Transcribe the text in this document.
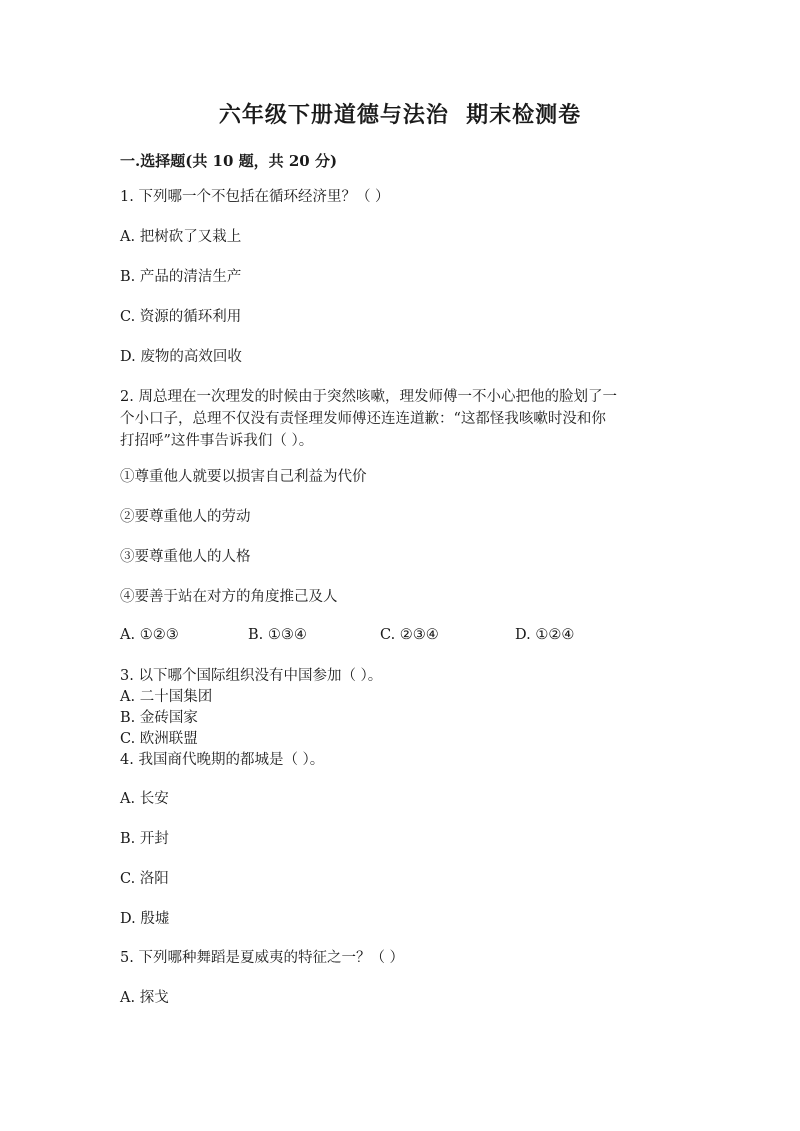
六年级下册道德与法治  期末检测卷
一.选择题(共 10 题，共 20 分)
1. 下列哪一个不包括在循环经济里？（ ）
A. 把树砍了又栽上
B. 产品的清洁生产
C. 资源的循环利用
D. 废物的高效回收
2. 周总理在一次理发的时候由于突然咳嗽，理发师傅一不小心把他的脸划了一
个小口子，总理不仅没有责怪理发师傅还连连道歉：“这都怪我咳嗽时没和你
打招呼”这件事告诉我们（ ）。
①尊重他人就要以损害自己利益为代价
②要尊重他人的劳动
③要尊重他人的人格
④要善于站在对方的角度推己及人
A. ①②③	B. ①③④	C. ②③④	D. ①②④
3. 以下哪个国际组织没有中国参加（ ）。
A. 二十国集团
B. 金砖国家
C. 欧洲联盟
4. 我国商代晚期的都城是（ ）。
A. 长安
B. 开封
C. 洛阳
D. 殷墟
5. 下列哪种舞蹈是夏威夷的特征之一？（ ）
A. 探戈
